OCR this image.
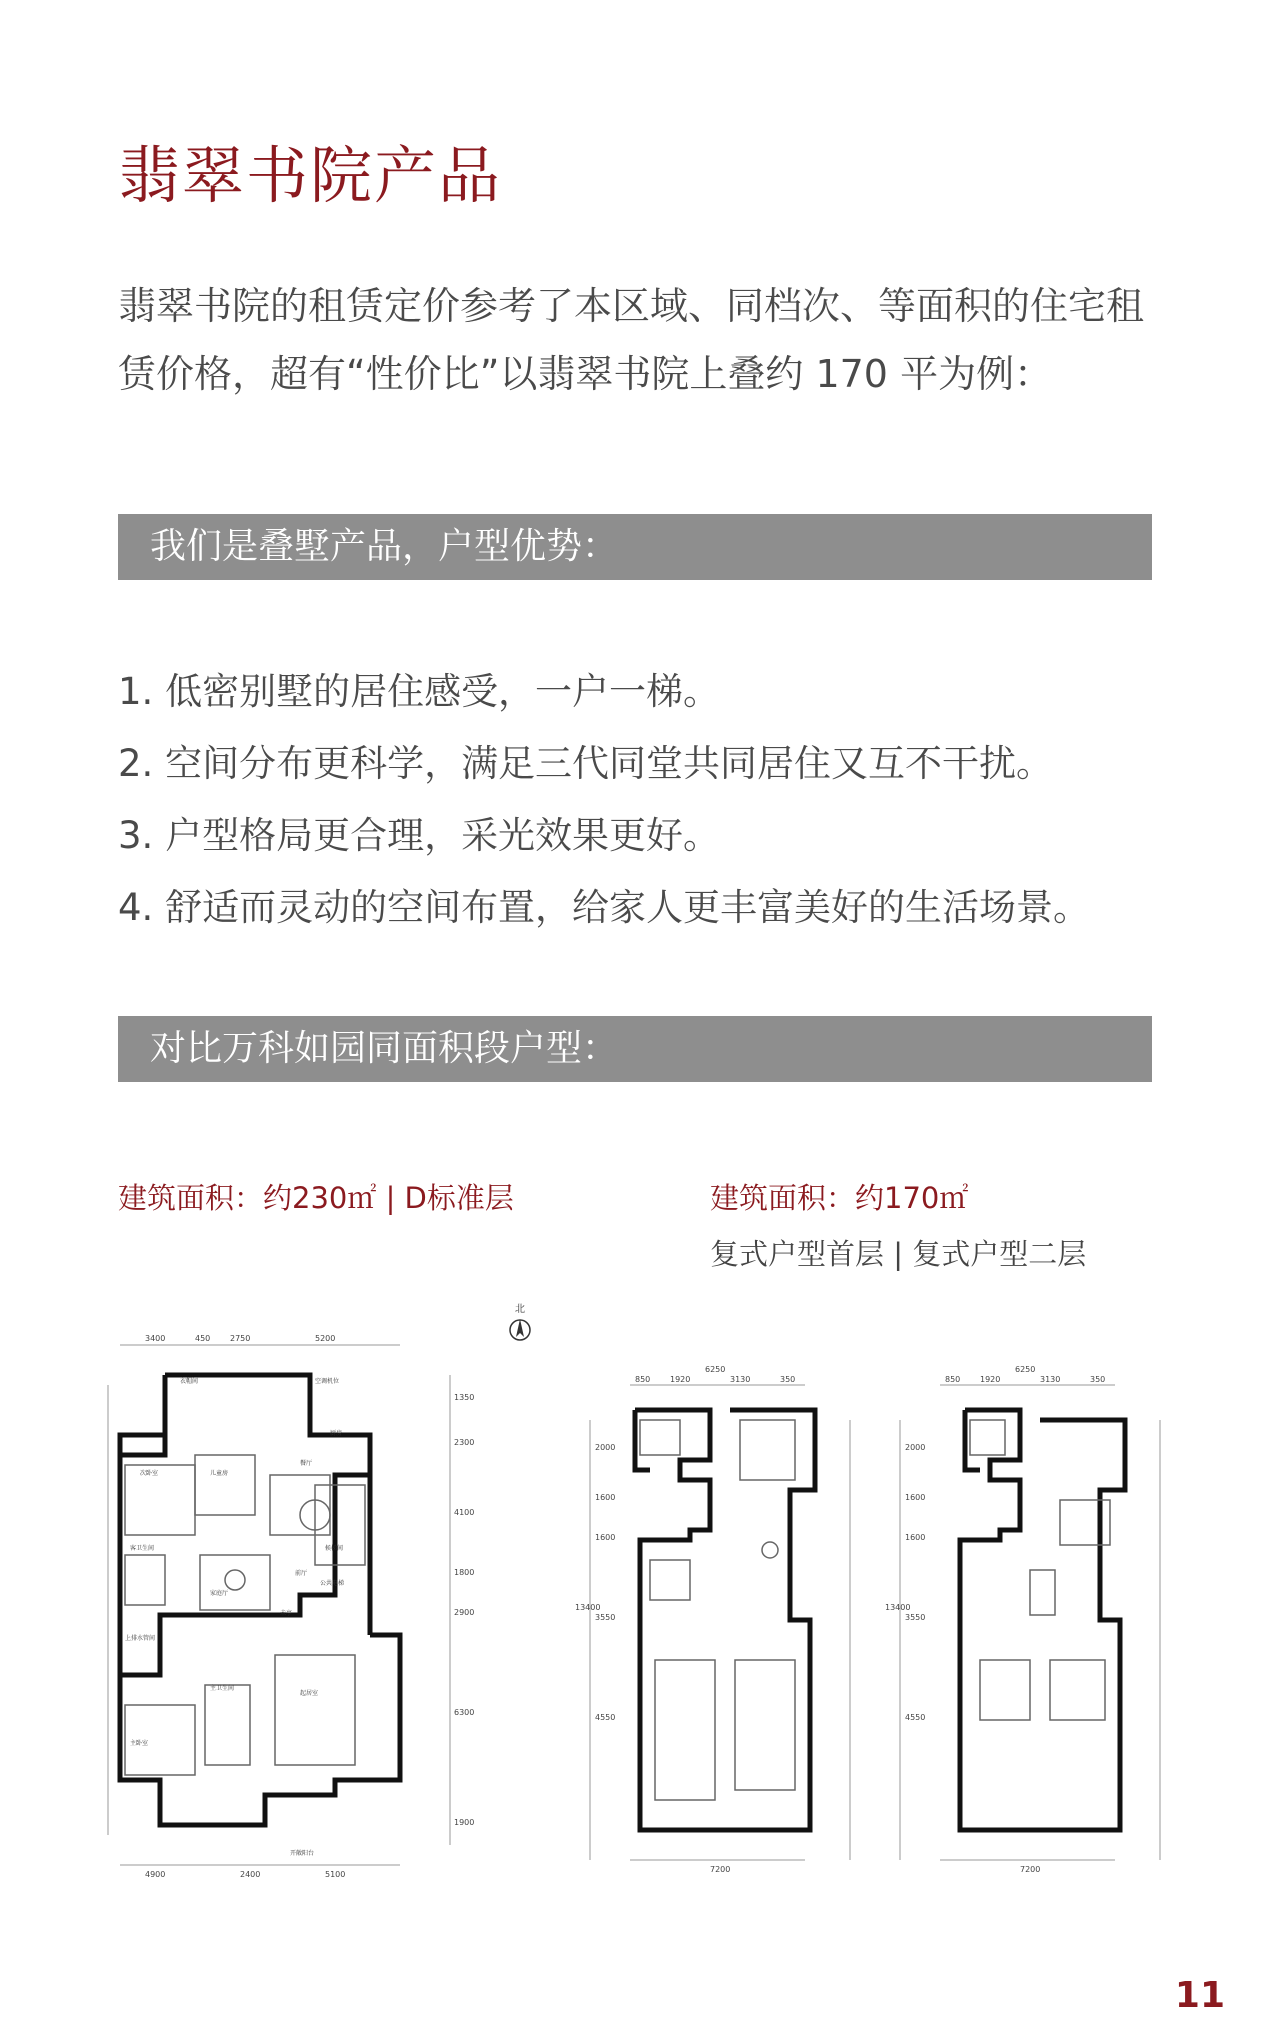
翡翠书院产品
翡翠书院的租赁定价参考了本区域、同档次、等面积的住宅租赁价格，超有“性价比”以翡翠书院上叠约 170 平为例：
我们是叠墅产品，户型优势：
1. 低密别墅的居住感受，一户一梯。
2. 空间分布更科学，满足三代同堂共同居住又互不干扰。
3. 户型格局更合理，采光效果更好。
4. 舒适而灵动的空间布置，给家人更丰富美好的生活场景。
对比万科如园同面积段户型：
建筑面积：约230㎡ | D标准层	建筑面积：约170㎡
复式户型首层 | 复式户型二层
北
3400	450 2750	5200
4900	2400	5100
1350
2300
4100
1800
2900
6300
1900
衣帽间	空调机位
儿童房
厨房
餐厅
次卧室
客卫生间
家庭厅
未亭
前厅
公共电梯
候梯间
上排水管间
主卫生间
起居室
主卧室
开敞阳台
6250
850 1920	3130	350
2000
1600
1600
3550
4550
13400
7200
6250
850 1920	3130	350
2000
1600
1600
3550
4550
13400
7200
11
